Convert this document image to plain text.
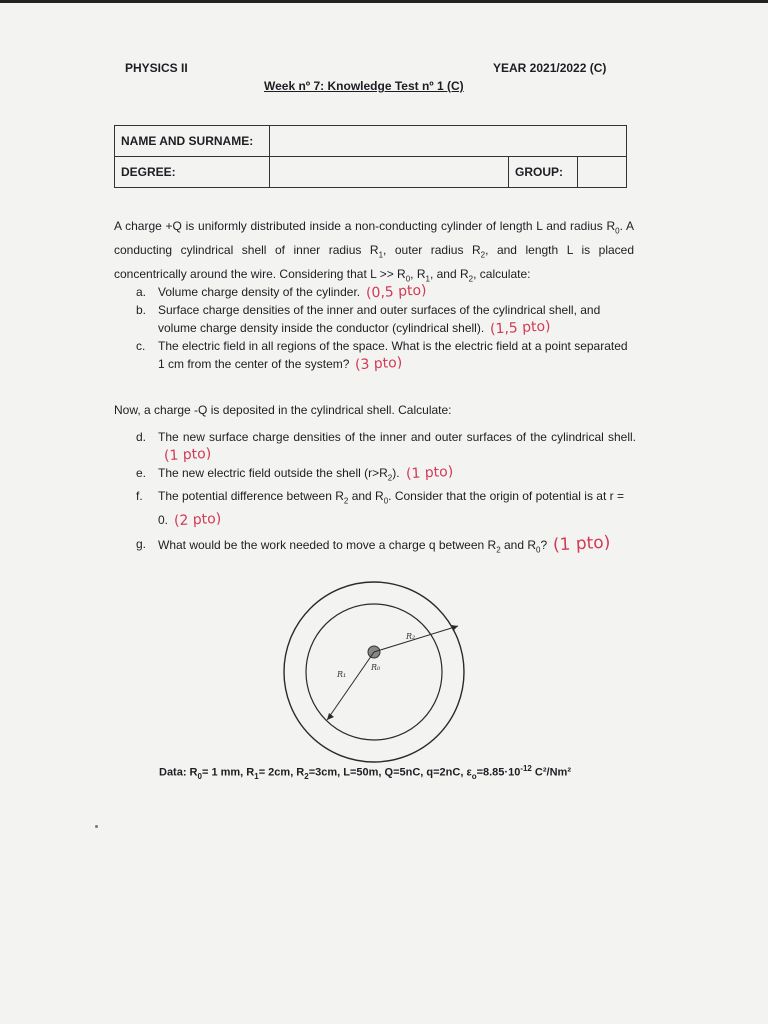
PHYSICS II	YEAR 2021/2022 (C)
Week nº 7: Knowledge Test nº 1 (C)
NAME AND SURNAME:			
DEGREE:		GROUP:	
A charge +Q is uniformly distributed inside a non-conducting cylinder of length L and radius $R_0$. A conducting cylindrical shell of inner radius $R_1$, outer radius $R_2$, and length L is placed concentrically around the wire. Considering that $L >> R_0$, $R_1$, and $R_2$, calculate:
a. Volume charge density of the cylinder. (0,5 pto)
b. Surface charge densities of the inner and outer surfaces of the cylindrical shell, and volume charge density inside the conductor (cylindrical shell). (1,5 pto)
c.	The electric field in all regions of the space. What is the electric field at a point separated 1 cm from the center of the system? (3 pto)
Now, a charge -Q is deposited in the cylindrical shell. Calculate:
d. The new surface charge densities of the inner and outer surfaces of the cylindrical shell.(1 pto)
e. The new electric field outside the shell $(r>R_2)$. (1 pto)
f.	The potential difference between $R_2$ and $R_0$. Consider that the origin of potential is at r = 0. (2 pto)
g. What would be the work needed to move a charge q between $R_2$ and $R_0$? (1 pto)
R₂
R₁
R₀
Data: $R_0= 1$ mm, $R_1= 2cm$, $R_2=3cm$, L=50m, Q=5nC, q=2nC, $\varepsilon_o=8.85\cdot 10^{-12}$ C²/Nm²
